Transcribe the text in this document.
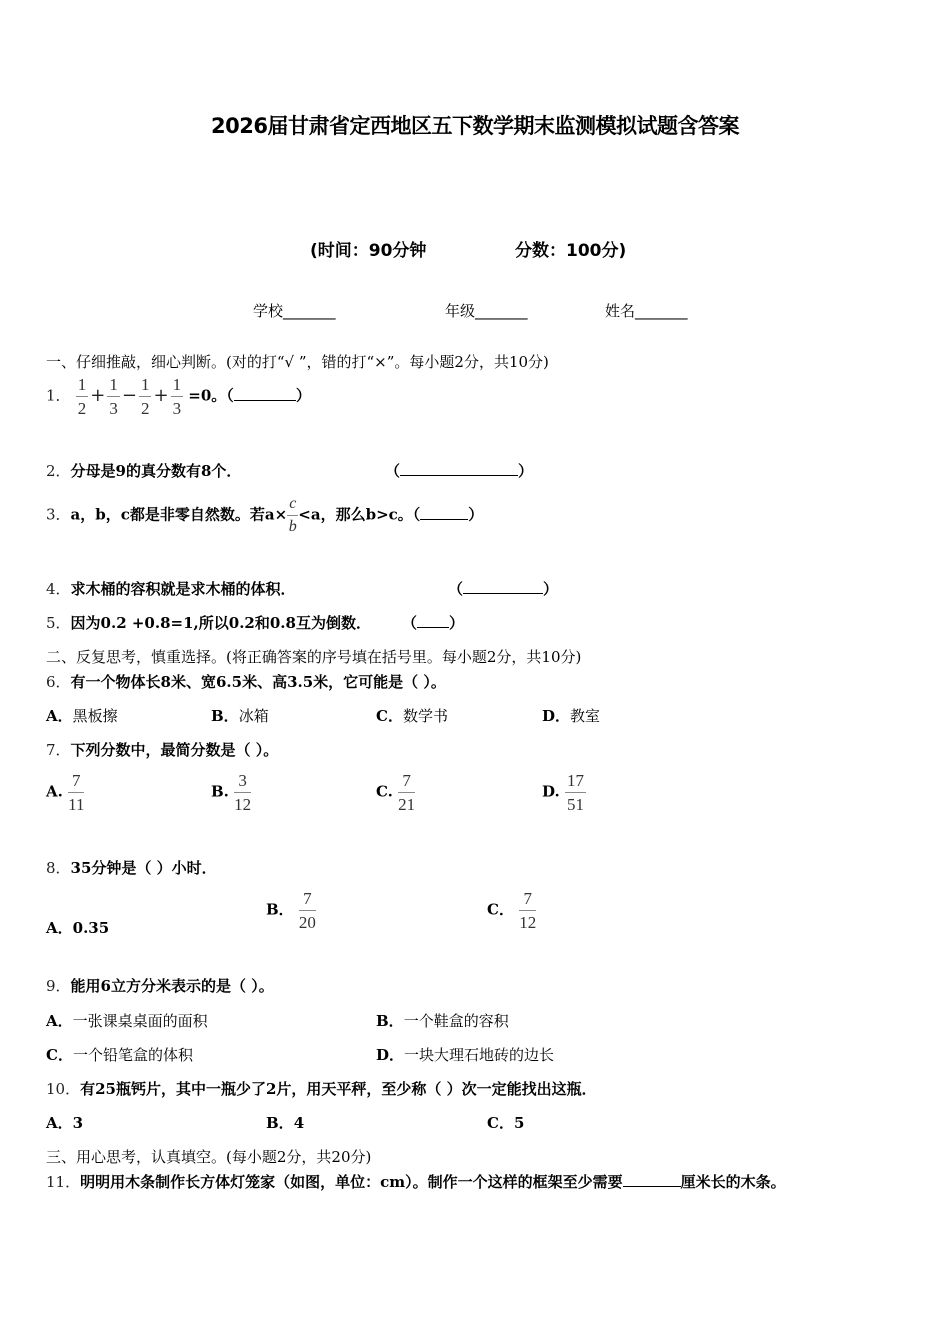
2026届甘肃省定西地区五下数学期末监测模拟试题含答案
(时间：90分钟	分数：100分)
学校_______	年级_______	姓名_______
一、仔细推敲，细心判断。(对的打“√ ”，错的打“×”。每小题2分，共10分)
1． $\frac{1}{2} + \frac{1}{3} - \frac{1}{2} + \frac{1}{3} =0$。（	）
2．分母是9的真分数有8个．	（	）
3．a，b，c都是非零自然数。若$a\times \frac{c}{b} <a$，那么b>c。（	）
4．求木桶的容积就是求木桶的体积．	（	）
5．因为0.2 +0.8=1,所以0.2和0.8互为倒数． （ ）
二、反复思考，慎重选择。(将正确答案的序号填在括号里。每小题2分，共10分)
6．有一个物体长8米、宽6.5米、高3.5米，它可能是（ ）。
A．黑板擦	B．冰箱	C．数学书	D．教室
7．下列分数中，最简分数是（ ）。
A. $\frac{7}{11}$	B. $\frac{3}{12}$	C. $\frac{7}{21}$	D. $\frac{17}{51}$
8．35分钟是（ ）小时．
A．0.35
B． $\frac{7}{20}$	C． $\frac{7}{12}$
9．能用6立方分米表示的是（ ）。
A．一张课桌桌面的面积	B．一个鞋盒的容积
C．一个铅笔盒的体积	D．一块大理石地砖的边长
10．有25瓶钙片，其中一瓶少了2片，用天平秤，至少称（ ）次一定能找出这瓶．
A．3	B．4	C．5
三、用心思考，认真填空。(每小题2分，共20分)
11．明明用木条制作长方体灯笼家（如图，单位：cm）。制作一个这样的框架至少需要	厘米长的木条。
